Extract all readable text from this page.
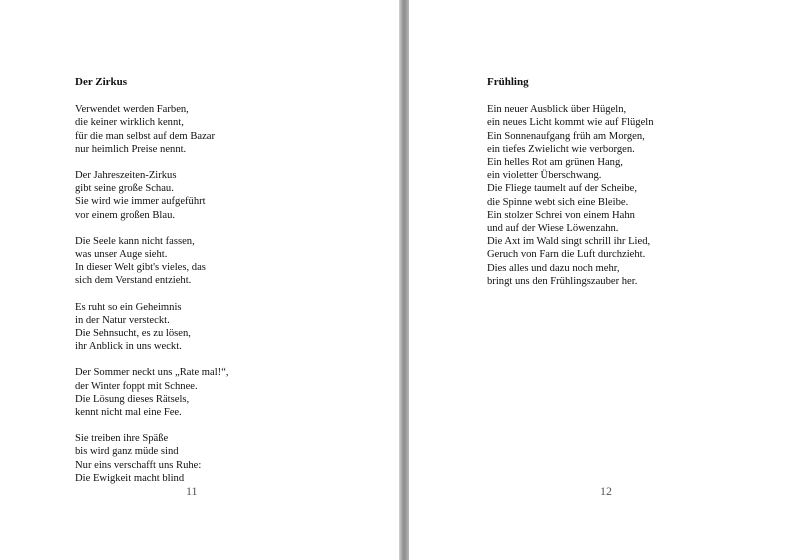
Der Zirkus
Verwendet werden Farben,
die keiner wirklich kennt,
für die man selbst auf dem Bazar
nur heimlich Preise nennt.
Der Jahreszeiten-Zirkus
gibt seine große Schau.
Sie wird wie immer aufgeführt
vor einem großen Blau.
Die Seele kann nicht fassen,
was unser Auge sieht.
In dieser Welt gibt's vieles, das
sich dem Verstand entzieht.
Es ruht so ein Geheimnis
in der Natur versteckt.
Die Sehnsucht, es zu lösen,
ihr Anblick in uns weckt.
Der Sommer neckt uns „Rate mal!“,
der Winter foppt mit Schnee.
Die Lösung dieses Rätsels,
kennt nicht mal eine Fee.
Sie treiben ihre Späße
bis wird ganz müde sind
Nur eins verschafft uns Ruhe:
Die Ewigkeit macht blind
11
Frühling
Ein neuer Ausblick über Hügeln,
ein neues Licht kommt wie auf Flügeln
Ein Sonnenaufgang früh am Morgen,
ein tiefes Zwielicht wie verborgen.
Ein helles Rot am grünen Hang,
ein violetter Überschwang.
Die Fliege taumelt auf der Scheibe,
die Spinne webt sich eine Bleibe.
Ein stolzer Schrei von einem Hahn
und auf der Wiese Löwenzahn.
Die Axt im Wald singt schrill ihr Lied,
Geruch von Farn die Luft durchzieht.
Dies alles und dazu noch mehr,
bringt uns den Frühlingszauber her.
12
